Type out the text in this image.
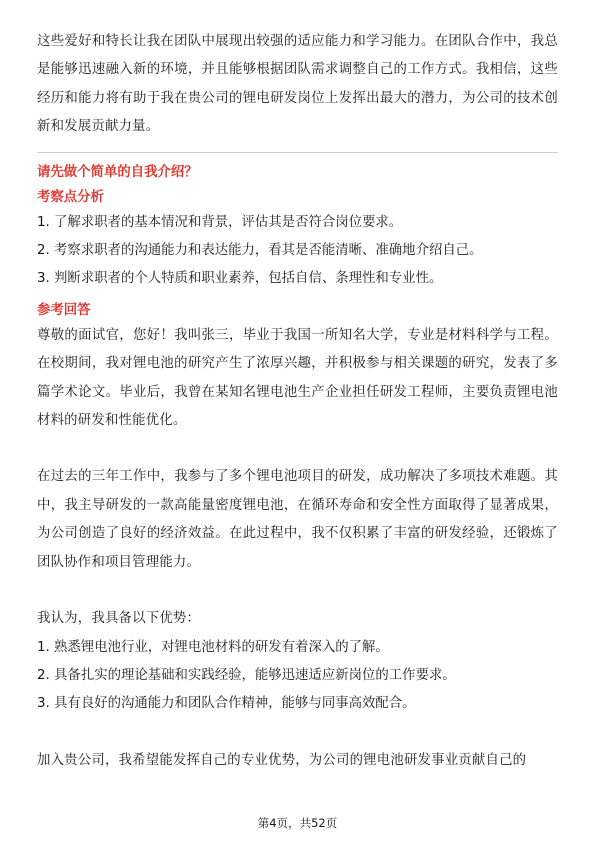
这些爱好和特长让我在团队中展现出较强的适应能力和学习能力。在团队合作中，我总是能够迅速融入新的环境，并且能够根据团队需求调整自己的工作方式。我相信，这些经历和能力将有助于我在贵公司的锂电研发岗位上发挥出最大的潜力，为公司的技术创新和发展贡献力量。

请先做个简单的自我介绍？

考察点分析

1. 了解求职者的基本情况和背景，评估其是否符合岗位要求。
2. 考察求职者的沟通能力和表达能力，看其是否能清晰、准确地介绍自己。
3. 判断求职者的个人特质和职业素养，包括自信、条理性和专业性。

参考回答

尊敬的面试官，您好！我叫张三，毕业于我国一所知名大学，专业是材料科学与工程。在校期间，我对锂电池的研究产生了浓厚兴趣，并积极参与相关课题的研究，发表了多篇学术论文。毕业后，我曾在某知名锂电池生产企业担任研发工程师，主要负责锂电池材料的研发和性能优化。

在过去的三年工作中，我参与了多个锂电池项目的研发，成功解决了多项技术难题。其中，我主导研发的一款高能量密度锂电池，在循环寿命和安全性方面取得了显著成果，为公司创造了良好的经济效益。在此过程中，我不仅积累了丰富的研发经验，还锻炼了团队协作和项目管理能力。

我认为，我具备以下优势：

1. 熟悉锂电池行业，对锂电池材料的研发有着深入的了解。
2. 具备扎实的理论基础和实践经验，能够迅速适应新岗位的工作要求。
3. 具有良好的沟通能力和团队合作精神，能够与同事高效配合。

加入贵公司，我希望能发挥自己的专业优势，为公司的锂电池研发事业贡献自己的

第4页，共52页
